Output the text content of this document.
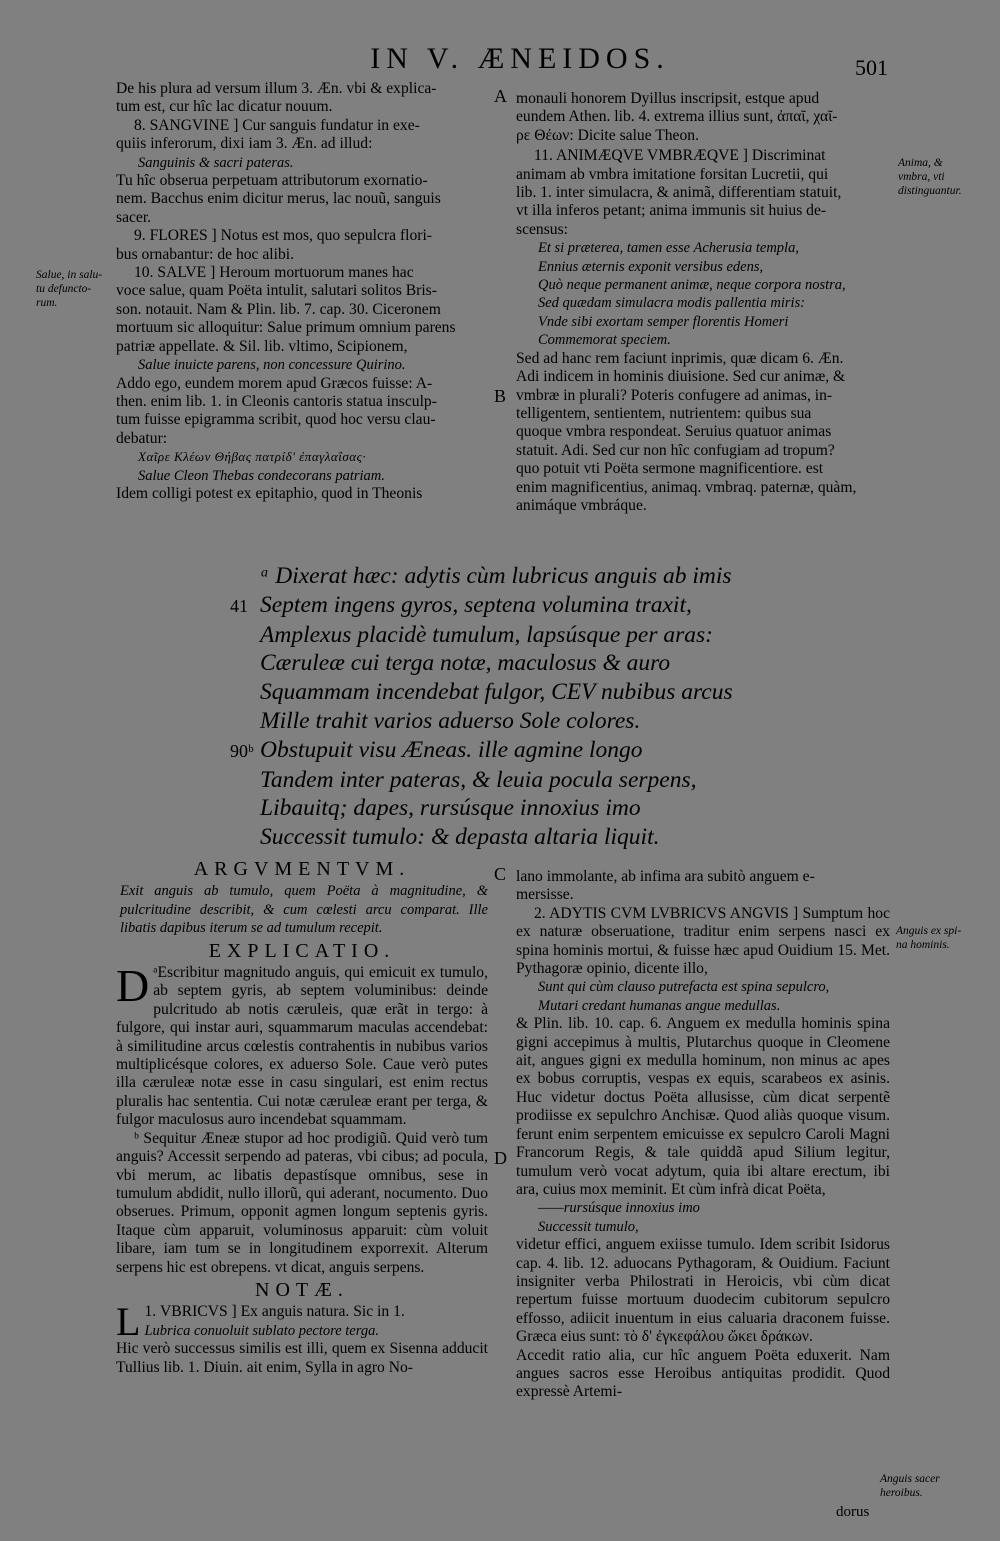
IN V. ÆNEIDOS.	501

De his plura ad versum illum 3. Æn. vbi & explica-

tum est, cur hîc lac dicatur nouum.

8. SANGVINE ] Cur sanguis fundatur in exe-

quiis inferorum, dixi iam 3. Æn. ad illud:

Sanguinis & sacri pateras.

Tu hîc obserua perpetuam attributorum exornatio-

nem. Bacchus enim dicitur merus, lac nouũ, sanguis

sacer.

9. FLORES ] Notus est mos, quo sepulcra flori-

bus ornabantur: de hoc alibi.

10. SALVE ] Heroum mortuorum manes hac

voce salue, quam Poëta intulit, salutari solitos Bris-

son. notauit. Nam & Plin. lib. 7. cap. 30. Ciceronem

mortuum sic alloquitur: Salue primum omnium parens

patriæ appellate. & Sil. lib. vltimo, Scipionem,

Salue inuicte parens, non concessure Quirino.

Addo ego, eundem morem apud Græcos fuisse: A-

then. enim lib. 1. in Cleonis cantoris statua insculp-

tum fuisse epigramma scribit, quod hoc versu clau-

debatur:

Χαῖρε Κλέων Θήβας πατρίδ' ἐπαγλαΐσας·

Salue Cleon Thebas condecorans patriam.

Idem colligi potest ex epitaphio, quod in Theonis

monauli honorem Dyillus inscripsit, estque apud

eundem Athen. lib. 4. extrema illius sunt, ἀπαῖ, χαῖ-

ρε Θέων: Dicite salue Theon.

11. ANIMÆQVE VMBRÆQVE ] Discriminat

animam ab vmbra imitatione forsitan Lucretii, qui

lib. 1. inter simulacra, & animã, differentiam statuit,

vt illa inferos petant; anima immunis sit huius de-

scensus:

Et si præterea, tamen esse Acherusia templa,

Ennius æternis exponit versibus edens,

Quò neque permanent animæ, neque corpora nostra,

Sed quædam simulacra modis pallentia miris:

Vnde sibi exortam semper florentis Homeri

Commemorat speciem.

Sed ad hanc rem faciunt inprimis, quæ dicam 6. Æn.

Adi indicem in hominis diuisione. Sed cur animæ, &

vmbræ in plurali? Poteris confugere ad animas, in-

telligentem, sentientem, nutrientem: quibus sua

quoque vmbra respondeat. Seruius quatuor animas

statuit. Adi. Sed cur non hîc confugiam ad tropum?

quo potuit vti Poëta sermone magnificentiore. est

enim magnificentius, animaq. vmbraq. paternæ, quàm,

animáque vmbráque.

ᵃ Dixerat hæc: adytis cùm lubricus anguis ab imis
41 Septem ingens gyros, septena volumina traxit,
Amplexus placidè tumulum, lapsúsque per aras:
Cæruleæ cui terga notæ, maculosus & auro
Squammam incendebat fulgor, CEV nubibus arcus
Mille trahit varios aduerso Sole colores.
90ᵇ Obstupuit visu Æneas. ille agmine longo
Tandem inter pateras, & leuia pocula serpens,
Libauitq; dapes, rursúsque innoxius imo
Successit tumulo: & depasta altaria liquit.

ARGVMENTVM.

Exit anguis ab tumulo, quem Poëta à magnitudine, & pulcritudine describit, & cum cœlesti arcu comparat. Ille libatis dapibus iterum se ad tumulum recepit.

EXPLICATIO.

ᵃ
D Escribitur magnitudo anguis, qui emicuit ex tumulo, ab septem gyris, ab septem voluminibus: deinde pulcritudo ab notis cæruleis, quæ erãt in tergo: à fulgore, qui instar auri, squammarum maculas accendebat: à similitudine arcus cœlestis contrahentis in nubibus varios multiplicésque colores, ex aduerso Sole. Caue verò putes illa cæruleæ notæ esse in casu singulari, est enim rectus pluralis hac sententia. Cui notæ cæruleæ erant per terga, & fulgor maculosus auro incendebat squammam.

ᵇ Sequitur Æneæ stupor ad hoc prodigiũ. Quid verò tum anguis? Accessit serpendo ad pateras, vbi cibus; ad pocula, vbi merum, ac libatis depastísque omnibus, sese in tumulum abdidit, nullo illorũ, qui aderant, nocumento. Duo obserues. Primum, opponit agmen longum septenis gyris. Itaque cùm apparuit, voluminosus apparuit: cùm voluit libare, iam tum se in longitudinem exporrexit. Alterum serpens hic est obrepens. vt dicat, anguis serpens.

NOTÆ.

1.
L VBRICVS ] Ex anguis natura. Sic in 1.

Lubrica conuoluit sublato pectore terga.

Hic verò successus similis est illi, quem ex Sisenna adducit Tullius lib. 1. Diuin. ait enim, Sylla in agro No-

lano immolante, ab infima ara subitò anguem e-

mersisse.

2. ADYTIS CVM LVBRICVS ANGVIS ] Sumptum hoc ex naturæ obseruatione, traditur enim serpens nasci ex spina hominis mortui, & fuisse hæc apud Ouidium 15. Met. Pythagoræ opinio, dicente illo,

Sunt qui cùm clauso putrefacta est spina sepulcro,

Mutari credant humanas angue medullas.

& Plin. lib. 10. cap. 6. Anguem ex medulla hominis spina gigni accepimus à multis, Plutarchus quoque in Cleomene ait, angues gigni ex medulla hominum, non minus ac apes ex bobus corruptis, vespas ex equis, scarabeos ex asinis. Huc videtur doctus Poëta allusisse, cùm dicat serpentẽ prodiisse ex sepulchro Anchisæ. Quod aliàs quoque visum. ferunt enim serpentem emicuisse ex sepulcro Caroli Magni Francorum Regis, & tale quiddã apud Silium legitur, tumulum verò vocat adytum, quia ibi altare erectum, ibi ara, cuius mox meminit. Et cùm infrà dicat Poëta,

——rursúsque innoxius imo

Successit tumulo,

videtur effici, anguem exiisse tumulo. Idem scribit Isidorus cap. 4. lib. 12. aduocans Pythagoram, & Ouidium. Faciunt insigniter verba Philostrati in Heroicis, vbi cùm dicat repertum fuisse mortuum duodecim cubitorum sepulcro effosso, adiicit inuentum in eius caluaria draconem fuisse. Græca eius sunt: τὸ δ' ἐγκεφάλου ὤκει δράκων.

Accedit ratio alia, cur hîc anguem Poëta eduxerit. Nam angues sacros esse Heroibus antiquitas prodidit. Quod expressè Artemi-

dorus
Salue, in salu-
tu defuncto-
rum.
Anima, &
vmbra, vti
distinguantur.
Anguis ex spi-
na hominis.
Anguis sacer
heroibus.
A
B
C
D
